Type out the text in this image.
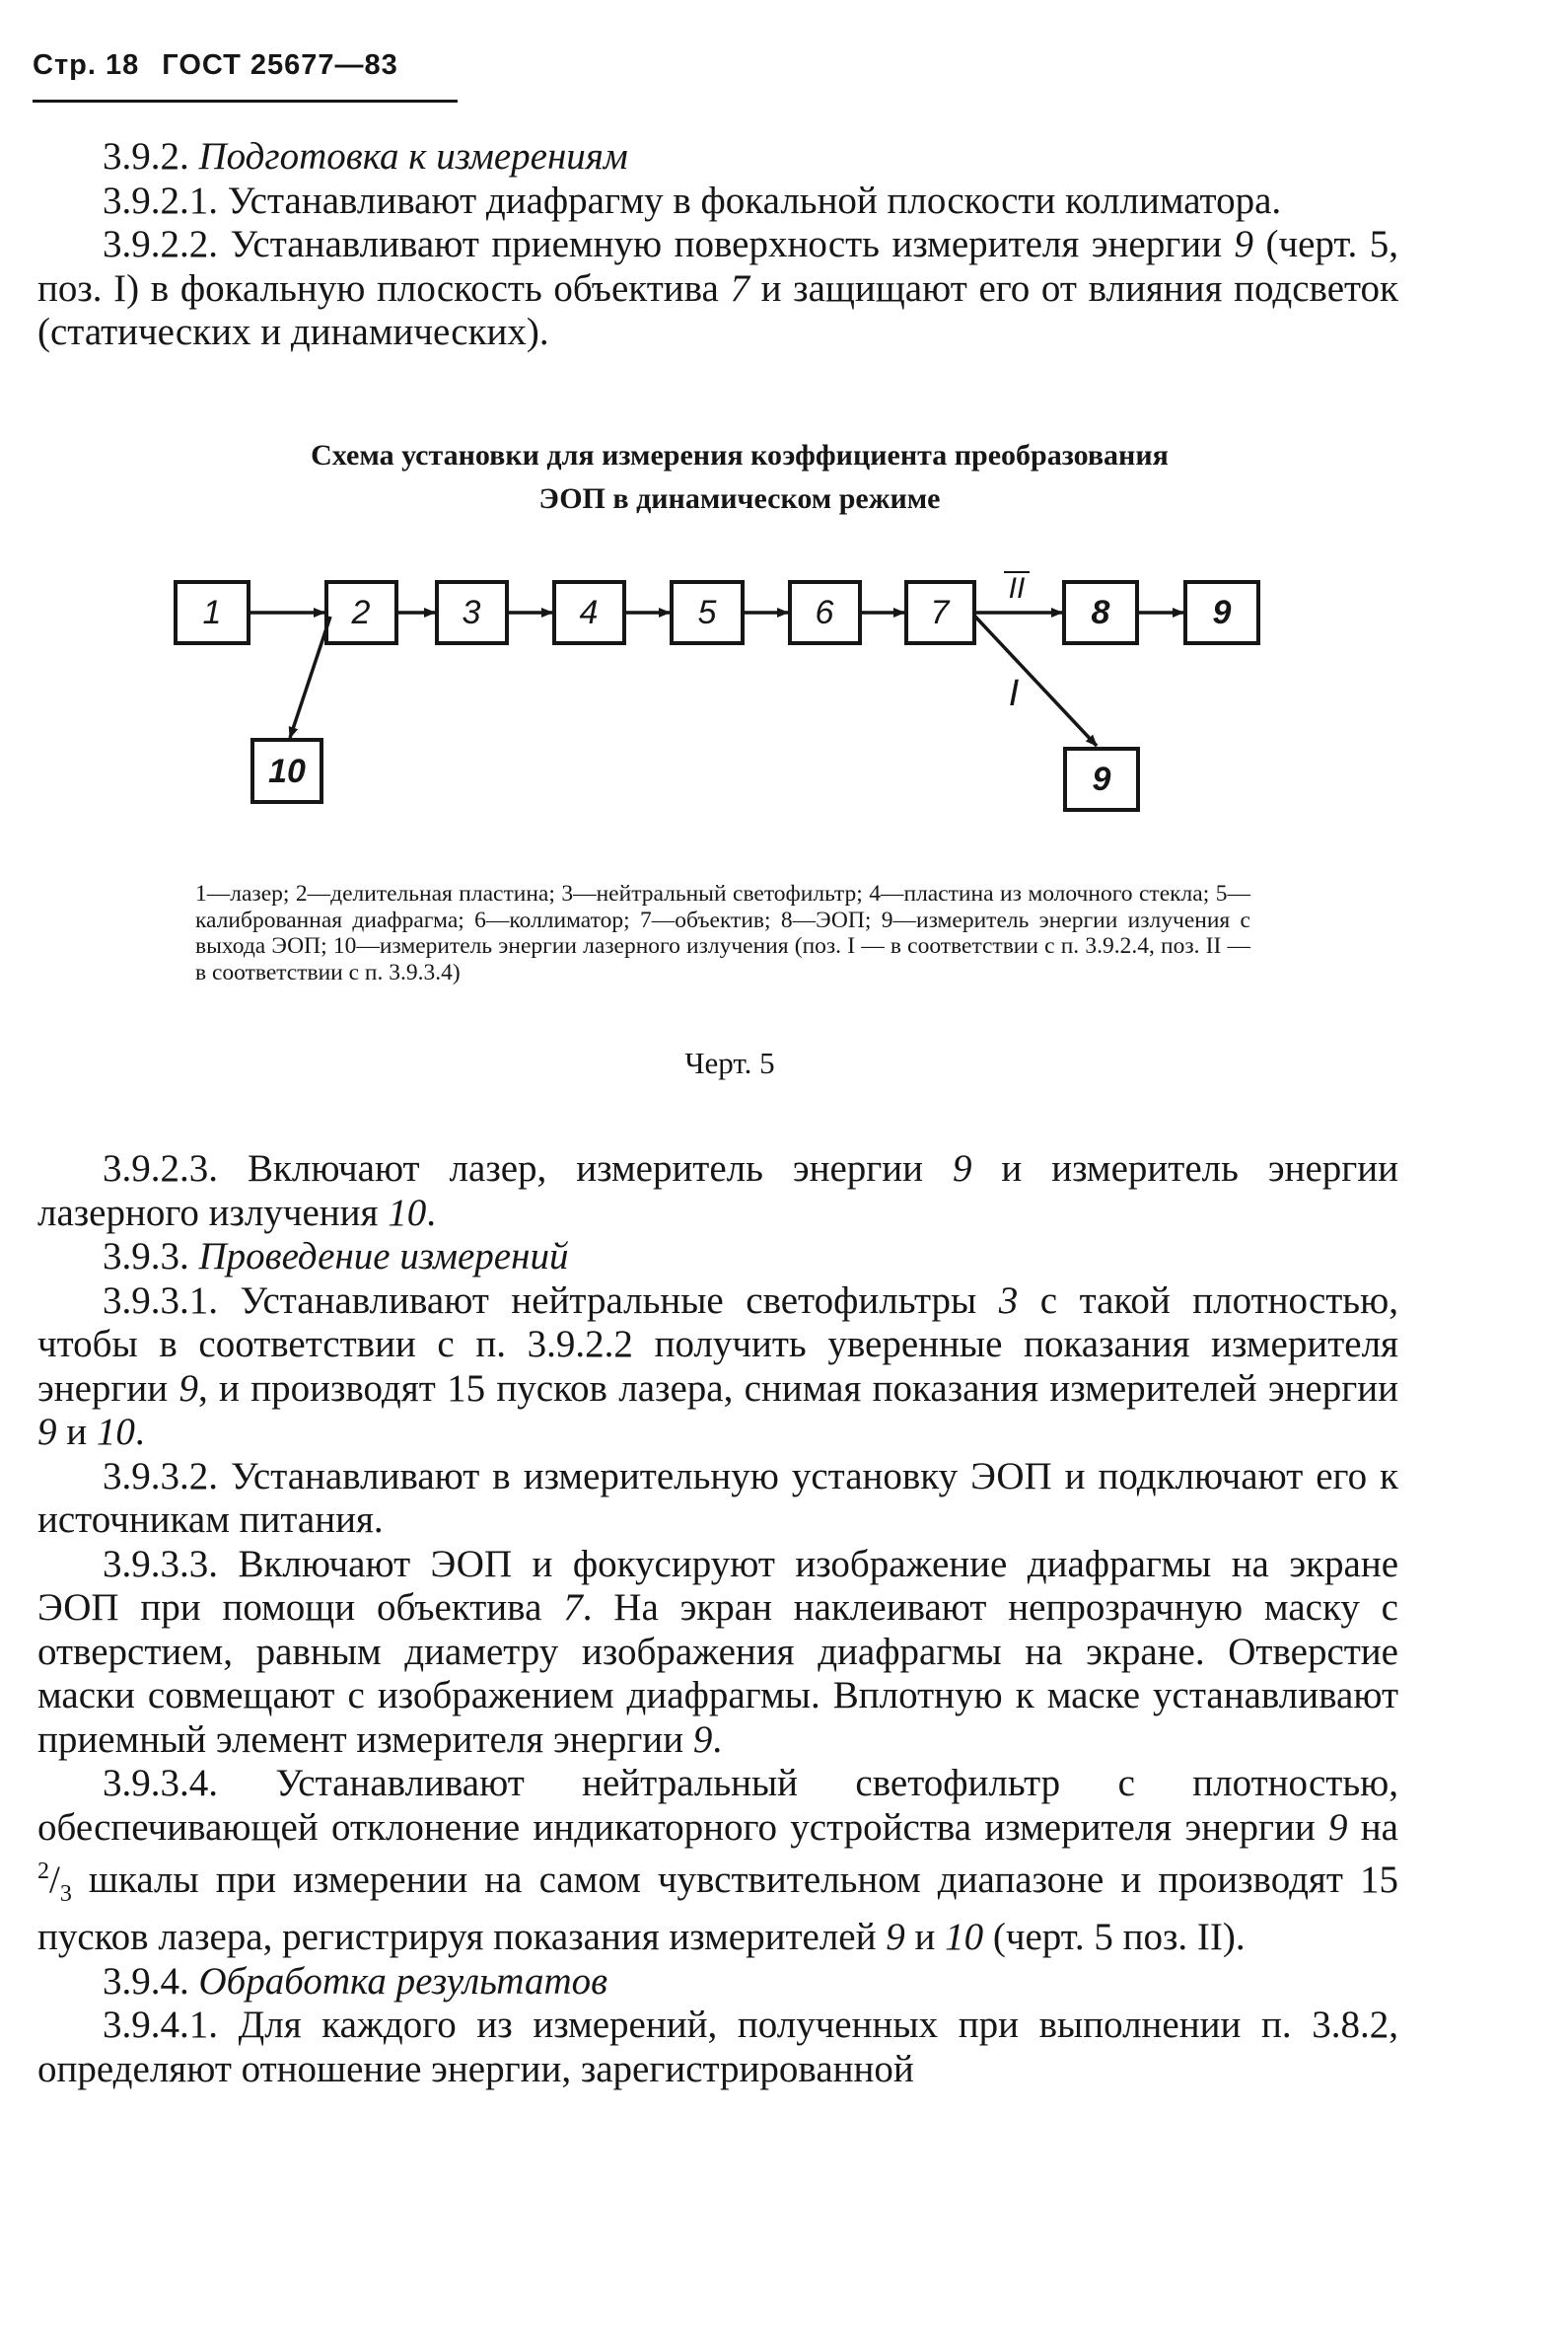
Стр. 18 ГОСТ 25677—83

3.9.2. Подготовка к измерениям

3.9.2.1. Устанавливают диафрагму в фокальной плоскости коллиматора.

3.9.2.2. Устанавливают приемную поверхность измерителя энергии 9 (черт. 5, поз. I) в фокальную плоскость объектива 7 и защищают его от влияния подсветок (статических и динамических).

Схема установки для измерения коэффициента преобразования
ЭОП в динамическом режиме
1	2	3	4	5	6	7	8	9
10	9
II
I

1—лазер; 2—делительная пластина; 3—нейтральный светофильтр; 4—пластина из молочного стекла; 5—калиброванная диафрагма; 6—коллиматор; 7—объектив; 8—ЭОП; 9—измеритель энергии излучения с выхода ЭОП; 10—измеритель энергии лазерного излучения (поз. I — в соответствии с п. 3.9.2.4, поз. II — в соответствии с п. 3.9.3.4)

Черт. 5

3.9.2.3. Включают лазер, измеритель энергии 9 и измеритель энергии лазерного излучения 10.

3.9.3. Проведение измерений

3.9.3.1. Устанавливают нейтральные светофильтры 3 с такой плотностью, чтобы в соответствии с п. 3.9.2.2 получить уверенные показания измерителя энергии 9, и производят 15 пусков лазера, снимая показания измерителей энергии 9 и 10.

3.9.3.2. Устанавливают в измерительную установку ЭОП и подключают его к источникам питания.

3.9.3.3. Включают ЭОП и фокусируют изображение диафрагмы на экране ЭОП при помощи объектива 7. На экран наклеивают непрозрачную маску с отверстием, равным диаметру изображения диафрагмы на экране. Отверстие маски совмещают с изображением диафрагмы. Вплотную к маске устанавливают приемный элемент измерителя энергии 9.

3.9.3.4. Устанавливают нейтральный светофильтр с плотностью, обеспечивающей отклонение индикаторного устройства измерителя энергии 9 на $^2/_3$ шкалы при измерении на самом чувствительном диапазоне и производят 15 пусков лазера, регистрируя показания измерителей 9 и 10 (черт. 5 поз. II).

3.9.4. Обработка результатов

3.9.4.1. Для каждого из измерений, полученных при выполнении п. 3.8.2, определяют отношение энергии, зарегистрированной
